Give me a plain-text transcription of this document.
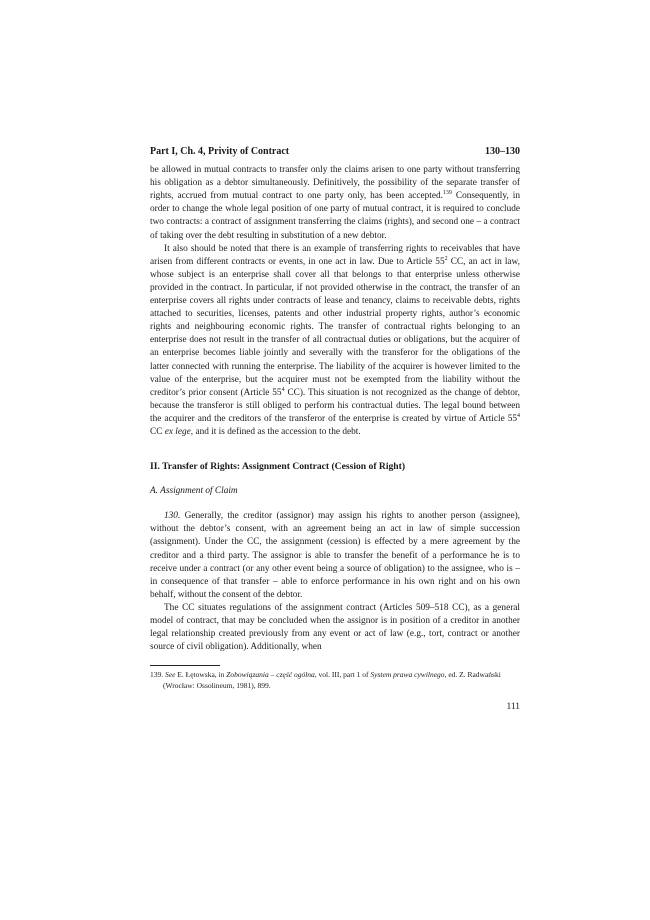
Part I, Ch. 4, Privity of Contract	130–130

be allowed in mutual contracts to transfer only the claims arisen to one party without transferring his obligation as a debtor simultaneously. Definitively, the possibility of the separate transfer of rights, accrued from mutual contract to one party only, has been accepted.$^{139}$ Consequently, in order to change the whole legal position of one party of mutual contract, it is required to conclude two contracts: a contract of assignment transferring the claims (rights), and second one – a contract of taking over the debt resulting in substitution of a new debtor.

It also should be noted that there is an example of transferring rights to receivables that have arisen from different contracts or events, in one act in law. Due to Article $55^2$ CC, an act in law, whose subject is an enterprise shall cover all that belongs to that enterprise unless otherwise provided in the contract. In particular, if not provided otherwise in the contract, the transfer of an enterprise covers all rights under contracts of lease and tenancy, claims to receivable debts, rights attached to securities, licenses, patents and other industrial property rights, author’s economic rights and neighbouring economic rights. The transfer of contractual rights belonging to an enterprise does not result in the transfer of all contractual duties or obligations, but the acquirer of an enterprise becomes liable jointly and severally with the transferor for the obligations of the latter connected with running the enterprise. The liability of the acquirer is however limited to the value of the enterprise, but the acquirer must not be exempted from the liability without the creditor’s prior consent (Article $55^4$ CC). This situation is not recognized as the change of debtor, because the transferor is still obliged to perform his contractual duties. The legal bound between the acquirer and the creditors of the transferor of the enterprise is created by virtue of Article $55^4$ CC ex lege, and it is defined as the accession to the debt.

II. Transfer of Rights: Assignment Contract (Cession of Right)
A. Assignment of Claim

130. Generally, the creditor (assignor) may assign his rights to another person (assignee), without the debtor’s consent, with an agreement being an act in law of simple succession (assignment). Under the CC, the assignment (cession) is effected by a mere agreement by the creditor and a third party. The assignor is able to transfer the benefit of a performance he is to receive under a contract (or any other event being a source of obligation) to the assignee, who is – in consequence of that transfer – able to enforce performance in his own right and on his own behalf, without the consent of the debtor.

The CC situates regulations of the assignment contract (Articles 509–518 CC), as a general model of contract, that may be concluded when the assignor is in position of a creditor in another legal relationship created previously from any event or act of law (e.g., tort, contract or another source of civil obligation). Additionally, when

139. See E. Łętowska, in Zobowiązania – część ogólna, vol. III, part 1 of System prawa cywilnego, ed. Z. Radwański (Wrocław: Ossolineum, 1981), 899.

111
